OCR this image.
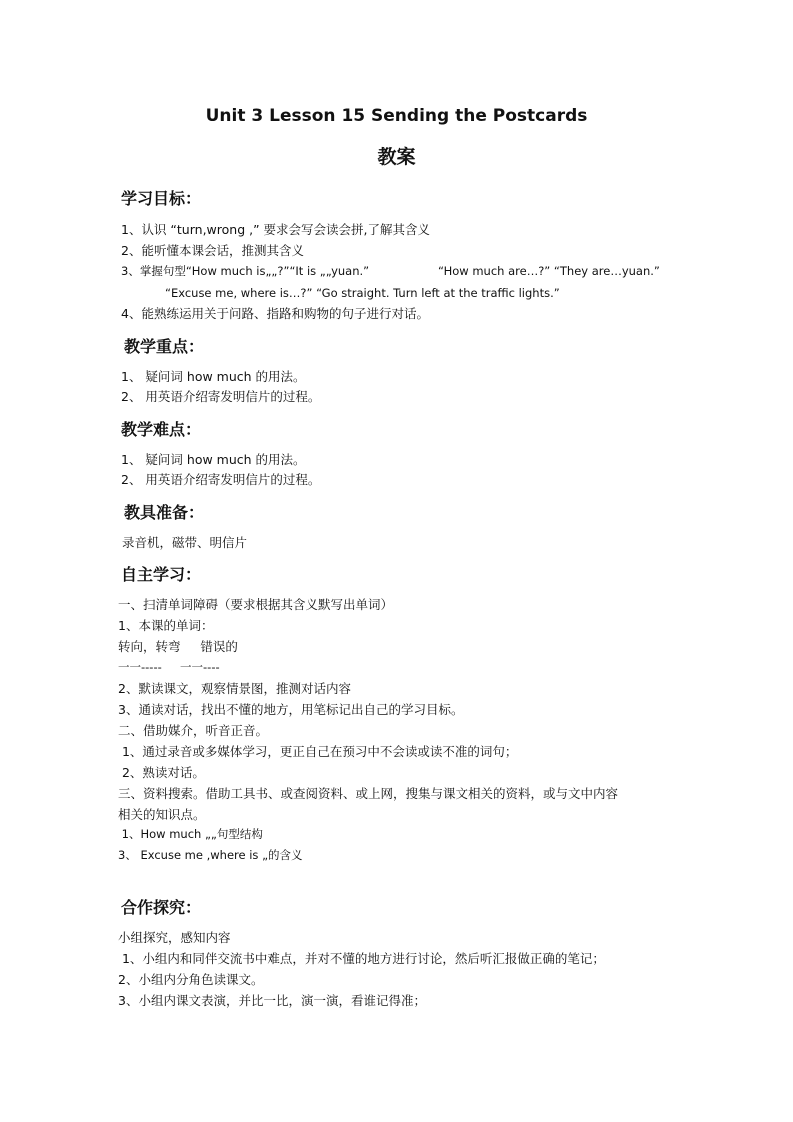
Unit 3 Lesson 15 Sending the Postcards
教案
学习目标：
1、认识 “turn,wrong ,” 要求会写会读会拼,了解其含义
2、能听懂本课会话，推测其含义
3、掌握句型“How much is„„?”“It is „„yuan.”	“How much are…?” “They are…yuan.”
“Excuse me, where is…?” “Go straight. Turn left at the traffic lights.”
4、能熟练运用关于问路、指路和购物的句子进行对话。
教学重点：
1、 疑问词 how much 的用法。
2、 用英语介绍寄发明信片的过程。
教学难点：
1、 疑问词 how much 的用法。
2、 用英语介绍寄发明信片的过程。
教具准备：
录音机，磁带、明信片
自主学习：
一、扫清单词障碍（要求根据其含义默写出单词）
1、本课的单词：
转向，转弯     错误的
一一-----     一一----
2、默读课文，观察情景图，推测对话内容
3、通读对话，找出不懂的地方，用笔标记出自己的学习目标。
二、借助媒介，听音正音。
1、通过录音或多媒体学习，更正自己在预习中不会读或读不准的词句；
2、熟读对话。
三、资料搜索。借助工具书、或查阅资料、或上网，搜集与课文相关的资料，或与文中内容
相关的知识点。
1、How much „„句型结构
3、 Excuse me ,where is „的含义
合作探究：
小组探究，感知内容
1、小组内和同伴交流书中难点，并对不懂的地方进行讨论，然后听汇报做正确的笔记；
2、小组内分角色读课文。
3、小组内课文表演，并比一比，演一演，看谁记得准；
